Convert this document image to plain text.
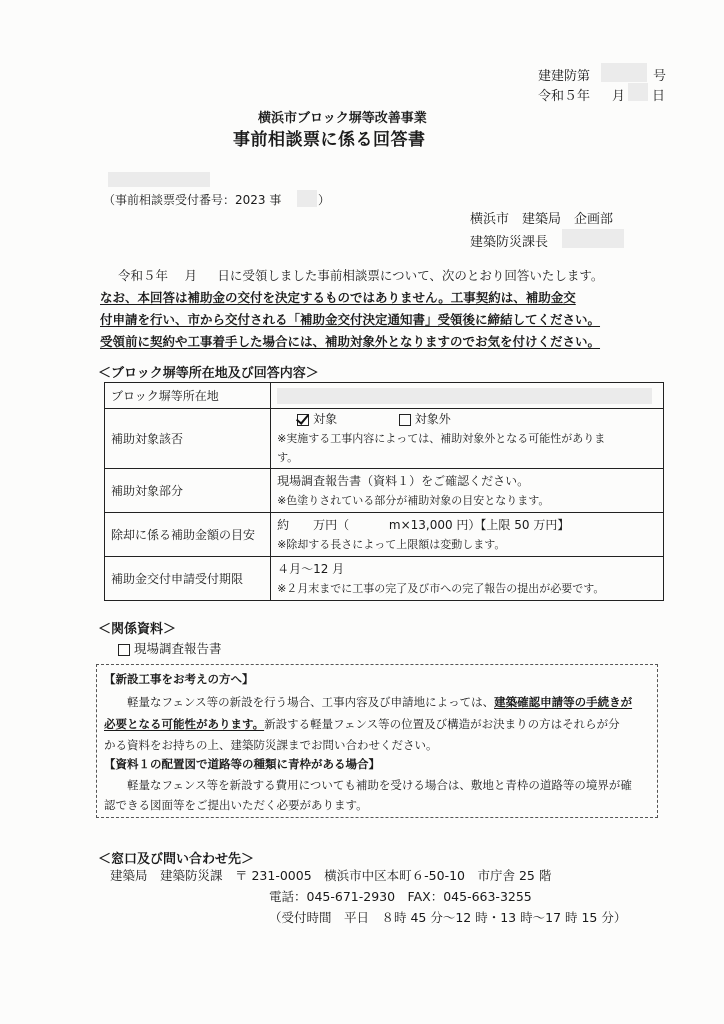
建建防第	号
令和５年 月 日
横浜市ブロック塀等改善事業
事前相談票に係る回答書
（事前相談票受付番号：2023 事	）
横浜市　建築局　企画部
建築防災課長
令和５年　 月 　 日に受領しました事前相談票について、次のとおり回答いたします。
なお、本回答は補助金の交付を決定するものではありません。工事契約は、補助金交
付申請を行い、市から交付される「補助金交付決定通知書」受領後に締結してください。
受領前に契約や工事着手した場合には、補助対象外となりますのでお気を付けください。
＜ブロック塀等所在地及び回答内容＞
ブロック塀等所在地	

補助対象該否	対象 対象外
※実施する工事内容によっては、補助対象外となる可能性がありま
す。

補助対象部分	現場調査報告書（資料１）をご確認ください。
※色塗りされている部分が補助対象の目安となります。

除却に係る補助金額の目安	約　　万円（　　　 m×13,000 円）【上限 50 万円】
※除却する長さによって上限額は変動します。

補助金交付申請受付期限	４月～12 月
※２月末までに工事の完了及び市への完了報告の提出が必要です。
＜関係資料＞
現場調査報告書
【新設工事をお考えの方へ】
　　軽量なフェンス等の新設を行う場合、工事内容及び申請地によっては、建築確認申請等の手続きが
必要となる可能性があります。新設する軽量フェンス等の位置及び構造がお決まりの方はそれらが分
かる資料をお持ちの上、建築防災課までお問い合わせください。
【資料１の配置図で道路等の種類に青枠がある場合】
　　軽量なフェンス等を新設する費用についても補助を受ける場合は、敷地と青枠の道路等の境界が確
認できる図面等をご提出いただく必要があります。
＜窓口及び問い合わせ先＞
建築局　建築防災課　〒 231-0005　横浜市中区本町６-50-10　市庁舎 25 階
電話：045-671-2930　FAX：045-663-3255
（受付時間　平日　８時 45 分～12 時・13 時～17 時 15 分）
